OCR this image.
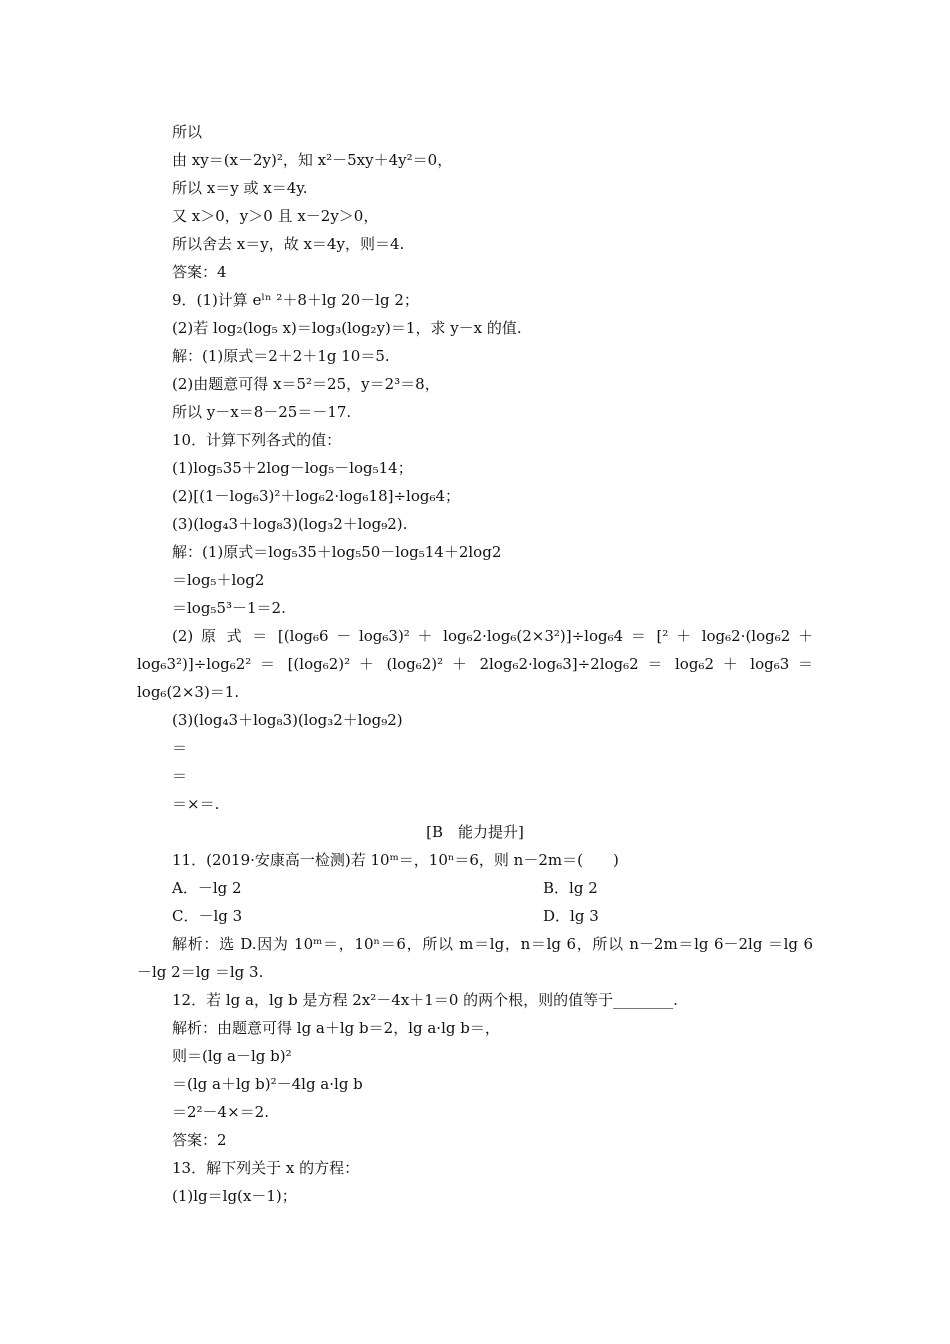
所以
由 xy＝(x－2y)²，知 x²－5xy＋4y²＝0，
所以 x＝y 或 x＝4y.
又 x＞0，y＞0 且 x－2y＞0，
所以舍去 x＝y，故 x＝4y，则＝4.
答案：4
9．(1)计算 eˡⁿ ²＋8＋lg 20－lg 2；
(2)若 log₂(log₅ x)＝log₃(log₂y)＝1，求 y－x 的值.
解：(1)原式＝2＋2＋1g 10＝5.
(2)由题意可得 x＝5²＝25，y＝2³＝8，
所以 y－x＝8－25＝－17.
10．计算下列各式的值：
(1)log₅35＋2log－log₅－log₅14；
(2)[(1－log₆3)²＋log₆2·log₆18]÷log₆4；
(3)(log₄3＋log₈3)(log₃2＋log₉2).
解：(1)原式＝log₅35＋log₅50－log₅14＋2log2
＝log₅＋log2
＝log₅5³－1＝2.
(2) 原 式 ＝ [(log₆6 － log₆3)² ＋ log₆2·log₆(2×3²)]÷log₆4 ＝ [² ＋ log₆2·(log₆2 ＋
log₆3²)]÷log₆2² ＝ [(log₆2)² ＋ (log₆2)² ＋ 2log₆2·log₆3]÷2log₆2 ＝ log₆2 ＋ log₆3 ＝
log₆(2×3)＝1.
(3)(log₄3＋log₈3)(log₃2＋log₉2)
＝
＝
＝×＝.
[B　能力提升]
11．(2019·安康高一检测)若 10ᵐ＝，10ⁿ＝6，则 n－2m＝(　　)
A．－lg 2	B．lg 2
C．－lg 3	D．lg 3
解析：选 D.因为 10ᵐ＝，10ⁿ＝6，所以 m＝lg，n＝lg 6，所以 n－2m＝lg 6－2lg ＝lg 6
－lg 2＝lg ＝lg 3.
12．若 lg a，lg b 是方程 2x²－4x＋1＝0 的两个根，则的值等于________.
解析：由题意可得 lg a＋lg b＝2，lg a·lg b＝，
则＝(lg a－lg b)²
＝(lg a＋lg b)²－4lg a·lg b
＝2²－4×＝2.
答案：2
13．解下列关于 x 的方程：
(1)lg＝lg(x－1)；
